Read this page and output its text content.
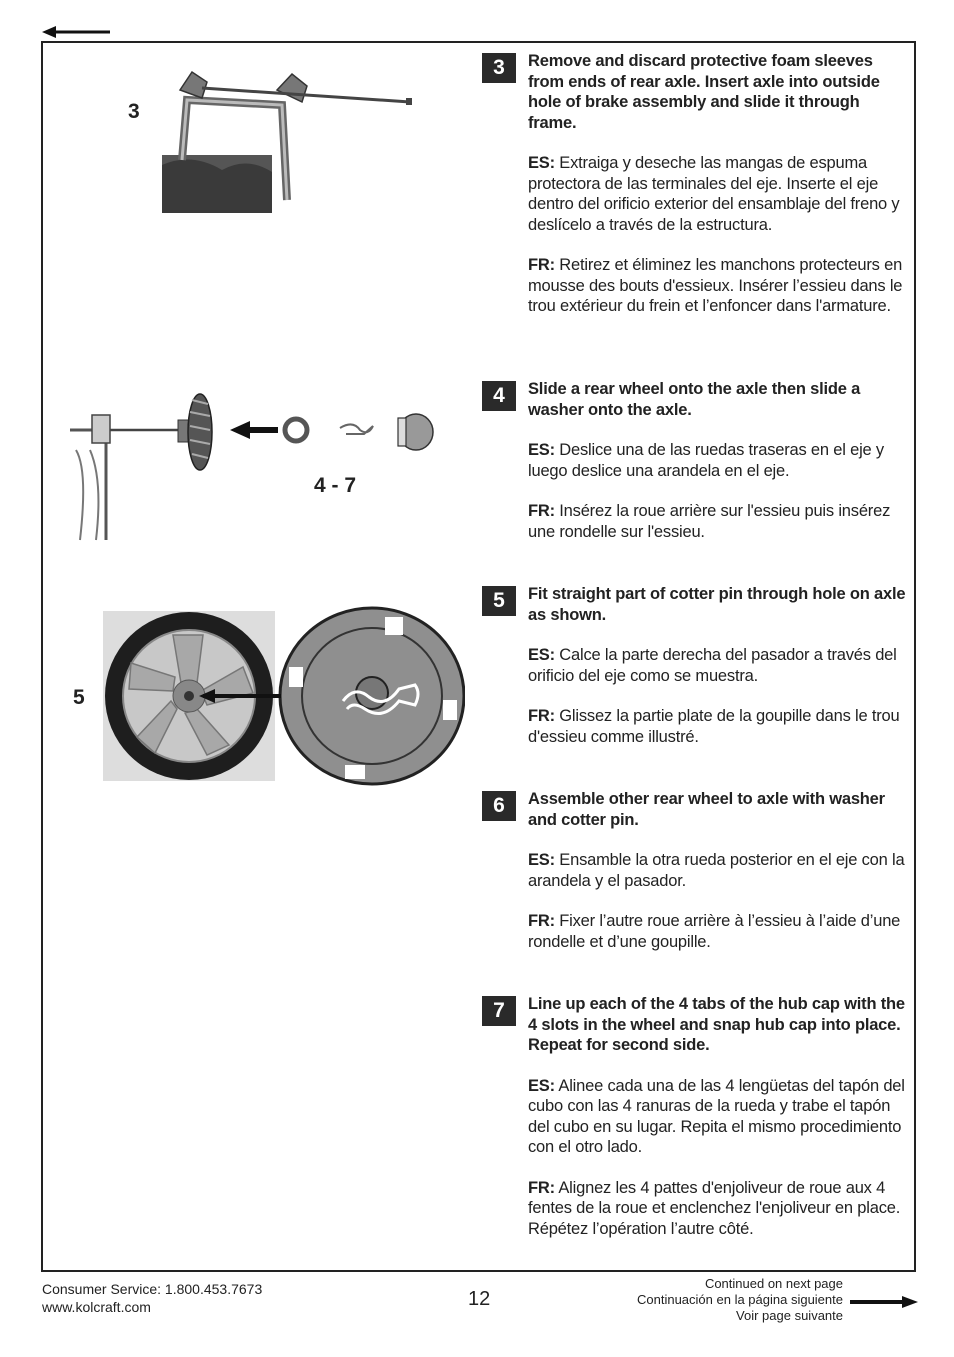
3
4 - 7
5
3	Remove and discard protective foam sleeves from ends of rear axle. Insert axle into outside hole of brake assembly and slide it through frame.

ES: Extraiga y deseche las mangas de espuma protectora de las terminales del eje. Inserte el eje dentro del orificio exterior del ensamblaje del freno y deslícelo a través de la estructura.

FR: Retirez et éliminez les manchons protecteurs en mousse des bouts d'essieux. Insérer l’essieu dans le trou extérieur du frein et l’enfoncer dans l'armature.

4	Slide a rear wheel onto the axle then slide a washer onto the axle.

ES: Deslice una de las ruedas traseras en el eje y luego deslice una arandela en el eje.

FR: Insérez la roue arrière sur l'essieu puis insérez une rondelle sur l'essieu.

5	Fit straight part of cotter pin through hole on axle as shown.

ES: Calce la parte derecha del pasador a través del orificio del eje como se muestra.

FR: Glissez la partie plate de la goupille dans le trou d'essieu comme illustré.

6	Assemble other rear wheel to axle with washer and cotter pin.

ES: Ensamble la otra rueda posterior en el eje con la arandela y el pasador.

FR: Fixer l’autre roue arrière à l’essieu à l’aide d’une rondelle et d’une goupille.

7	Line up each of the 4 tabs of the hub cap with the 4 slots in the wheel and snap hub cap into place. Repeat for second side.

ES: Alinee cada una de las 4 lengüetas del tapón del cubo con las 4 ranuras de la rueda y trabe el tapón del cubo en su lugar. Repita el mismo procedimiento con el otro lado.

FR: Alignez les 4 pattes d'enjoliveur de roue aux 4 fentes de la roue et enclenchez l'enjoliveur en place. Répétez l’opération l’autre côté.

Consumer Service: 1.800.453.7673
www.kolcraft.com	12
Continued on next page
Continuación en la página siguiente
Voir page suivante
